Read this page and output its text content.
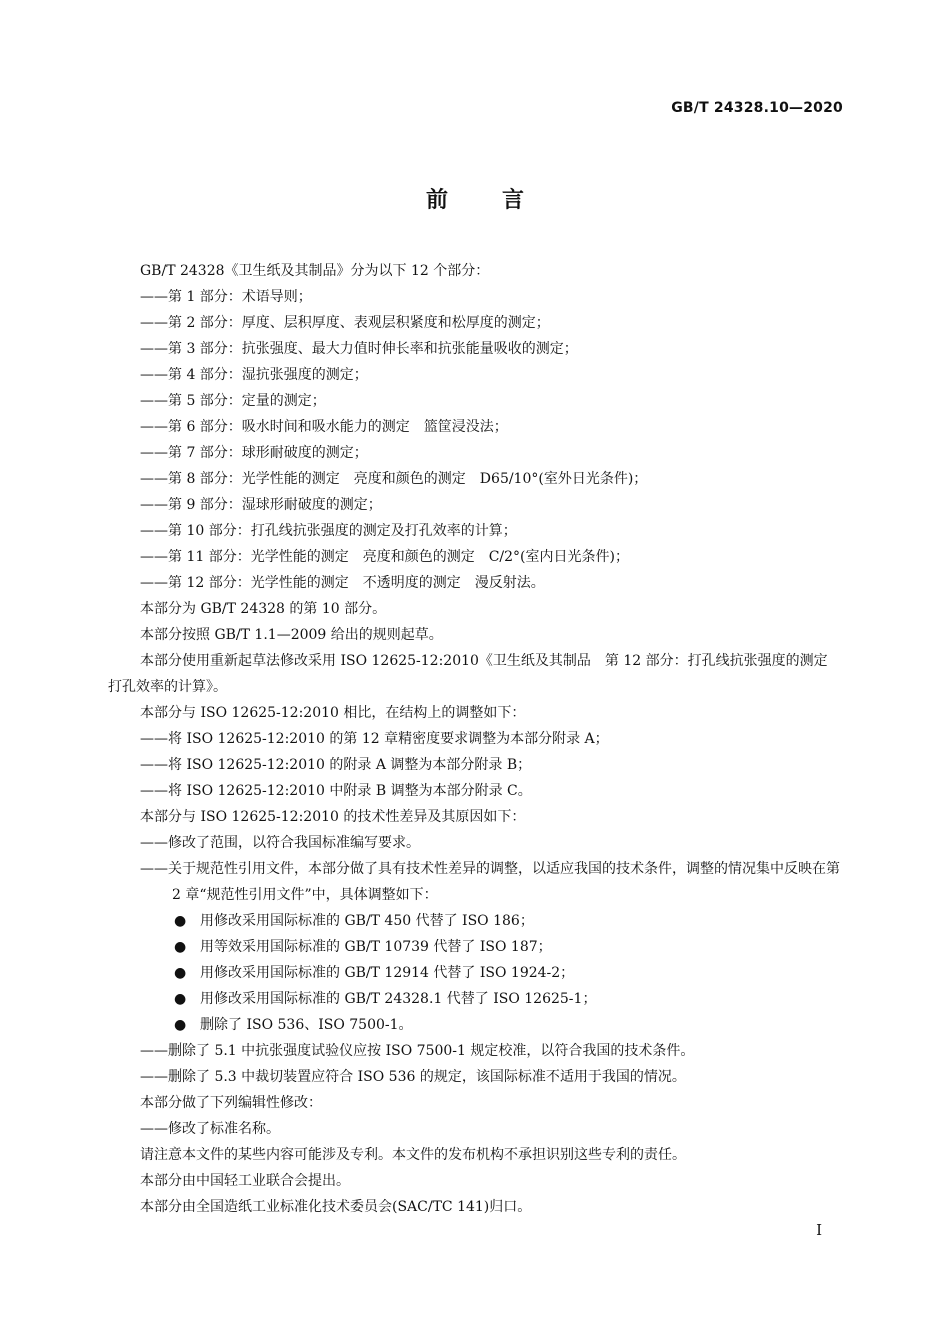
GB/T 24328.10—2020
前言

GB/T 24328《卫生纸及其制品》分为以下 12 个部分：

——第 1 部分：术语导则；

——第 2 部分：厚度、层积厚度、表观层积紧度和松厚度的测定；

——第 3 部分：抗张强度、最大力值时伸长率和抗张能量吸收的测定；

——第 4 部分：湿抗张强度的测定；

——第 5 部分：定量的测定；

——第 6 部分：吸水时间和吸水能力的测定　篮筐浸没法；

——第 7 部分：球形耐破度的测定；

——第 8 部分：光学性能的测定　亮度和颜色的测定　D65/10°(室外日光条件)；

——第 9 部分：湿球形耐破度的测定；

——第 10 部分：打孔线抗张强度的测定及打孔效率的计算；

——第 11 部分：光学性能的测定　亮度和颜色的测定　C/2°(室内日光条件)；

——第 12 部分：光学性能的测定　不透明度的测定　漫反射法。

本部分为 GB/T 24328 的第 10 部分。

本部分按照 GB/T 1.1—2009 给出的规则起草。

本部分使用重新起草法修改采用 ISO 12625-12:2010《卫生纸及其制品　第 12 部分：打孔线抗张强度的测定　打孔效率的计算》。

本部分与 ISO 12625-12:2010 相比，在结构上的调整如下：

——将 ISO 12625-12:2010 的第 12 章精密度要求调整为本部分附录 A；

——将 ISO 12625-12:2010 的附录 A 调整为本部分附录 B；

——将 ISO 12625-12:2010 中附录 B 调整为本部分附录 C。

本部分与 ISO 12625-12:2010 的技术性差异及其原因如下：

——修改了范围，以符合我国标准编写要求。

——关于规范性引用文件，本部分做了具有技术性差异的调整，以适应我国的技术条件，调整的情况集中反映在第 2 章“规范性引用文件”中，具体调整如下：

● 用修改采用国际标准的 GB/T 450 代替了 ISO 186；

● 用等效采用国际标准的 GB/T 10739 代替了 ISO 187；

● 用修改采用国际标准的 GB/T 12914 代替了 ISO 1924-2；

● 用修改采用国际标准的 GB/T 24328.1 代替了 ISO 12625-1；

● 删除了 ISO 536、ISO 7500-1。

——删除了 5.1 中抗张强度试验仪应按 ISO 7500-1 规定校准，以符合我国的技术条件。

——删除了 5.3 中裁切装置应符合 ISO 536 的规定，该国际标准不适用于我国的情况。

本部分做了下列编辑性修改：

——修改了标准名称。

请注意本文件的某些内容可能涉及专利。本文件的发布机构不承担识别这些专利的责任。

本部分由中国轻工业联合会提出。

本部分由全国造纸工业标准化技术委员会(SAC/TC 141)归口。

I
